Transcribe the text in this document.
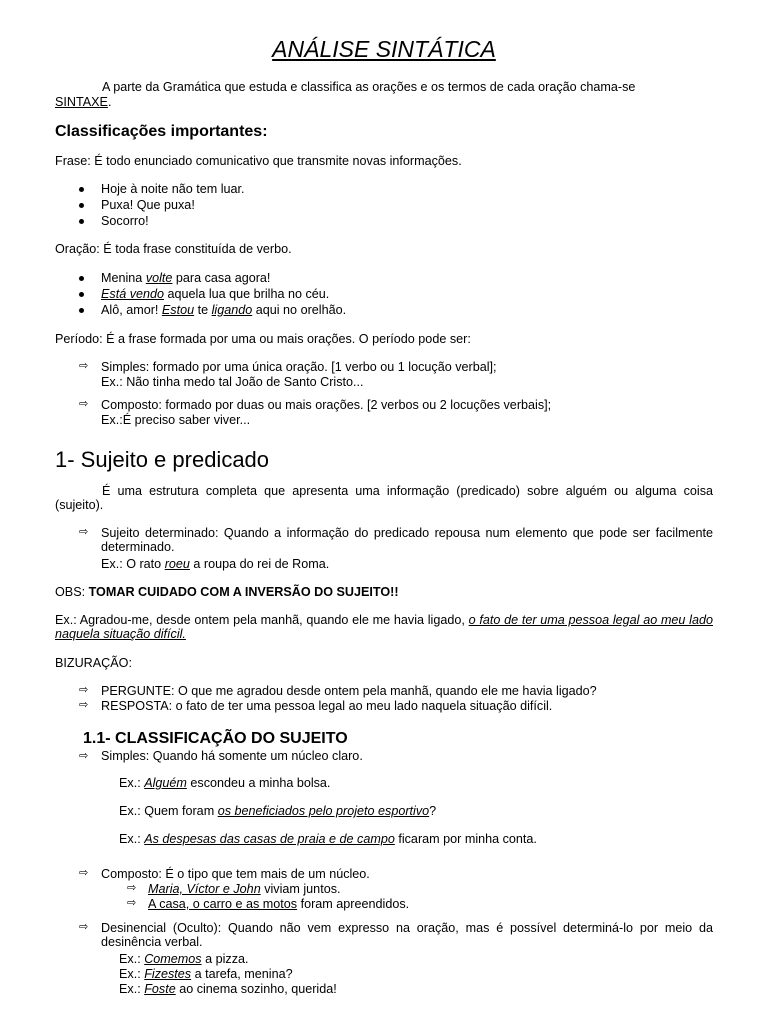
ANÁLISE SINTÁTICA
A parte da Gramática que estuda e classifica as orações e os termos de cada oração chama-se
SINTAXE.
Classificações importantes:
Frase: É todo enunciado comunicativo que transmite novas informações.
Hoje à noite não tem luar.
Puxa! Que puxa!
Socorro!
Oração: É toda frase constituída de verbo.
Menina volte para casa agora!
Está vendo aquela lua que brilha no céu.
Alô, amor! Estou te ligando aqui no orelhão.
Período: É a frase formada por uma ou mais orações. O período pode ser:
⇨ Simples: formado por uma única oração. [1 verbo ou 1 locução verbal];
Ex.: Não tinha medo tal João de Santo Cristo...
⇨ Composto: formado por duas ou mais orações. [2 verbos ou 2 locuções verbais];
Ex.:É preciso saber viver...
1- Sujeito e predicado
É uma estrutura completa que apresenta uma informação (predicado) sobre alguém ou alguma coisa (sujeito).
⇨ Sujeito determinado: Quando a informação do predicado repousa num elemento que pode ser facilmente determinado.
Ex.: O rato roeu a roupa do rei de Roma.
OBS: TOMAR CUIDADO COM A INVERSÃO DO SUJEITO!!
Ex.: Agradou-me, desde ontem pela manhã, quando ele me havia ligado, o fato de ter uma pessoa legal ao meu lado naquela situação difícil.
BIZURAÇÃO:
⇨ PERGUNTE: O que me agradou desde ontem pela manhã, quando ele me havia ligado?
⇨ RESPOSTA: o fato de ter uma pessoa legal ao meu lado naquela situação difícil.
1.1- CLASSIFICAÇÃO DO SUJEITO
⇨ Simples: Quando há somente um núcleo claro.
Ex.: Alguém escondeu a minha bolsa.
Ex.: Quem foram os beneficiados pelo projeto esportivo?
Ex.: As despesas das casas de praia e de campo ficaram por minha conta.
⇨ Composto: É o tipo que tem mais de um núcleo.
⇨ Maria, Víctor e John viviam juntos.
⇨ A casa, o carro e as motos foram apreendidos.
⇨ Desinencial (Oculto): Quando não vem expresso na oração, mas é possível determiná-lo por meio da desinência verbal.
Ex.: Comemos a pizza.
Ex.: Fizestes a tarefa, menina?
Ex.: Foste ao cinema sozinho, querida!
